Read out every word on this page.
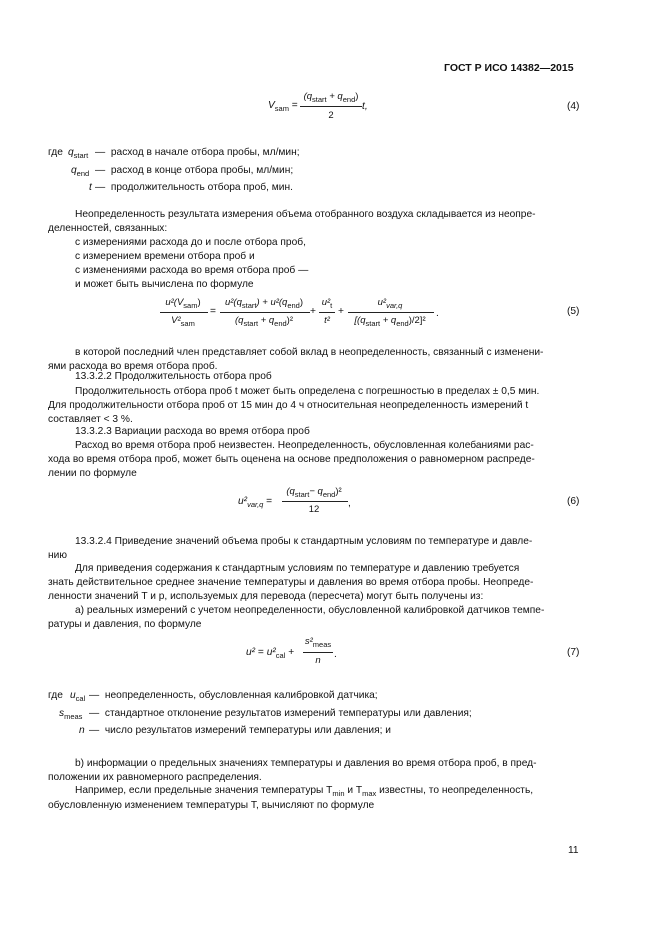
ГОСТ Р ИСО 14382—2015
$V_{sam}$ =
$(q_{start} + q_{end})$
2
t,	(4)
где $q_{start}$ — расход в начале отбора пробы, мл/мин;
$q_{end}$ — расход в конце отбора пробы, мл/мин;
t — продолжительность отбора проб, мин.
Неопределенность результата измерения объема отобранного воздуха складывается из неопре-
деленностей, связанных:
с измерениями расхода до и после отбора проб,
с измерением времени отбора проб и
с изменениями расхода во время отбора проб —
и может быть вычислена по формуле
$u^2(V_{sam})$
$V^2_{sam}$
=
$u^2(q_{start}) + u^2(q_{end})$
$(q_{start} + q_{end})^2$
+
$u^2_t$
t²
+
$u^2_{var,q}$
$[(q_{start} + q_{end})/2]^2$
.	(5)
в которой последний член представляет собой вклад в неопределенность, связанный с изменени-
ями расхода во время отбора проб.
13.3.2.2 Продолжительность отбора проб
Продолжительность отбора проб t может быть определена с погрешностью в пределах ± 0,5 мин.
Для продолжительности отбора проб от 15 мин до 4 ч относительная неопределенность измерений t
составляет < 3 %.
13.3.2.3 Вариации расхода во время отбора проб
Расход во время отбора проб неизвестен. Неопределенность, обусловленная колебаниями рас-
хода во время отбора проб, может быть оценена на основе предположения о равномерном распреде-
лении по формуле
$u^2_{var,q}$ =
$(q_{start}- q_{end})^2$
12
,	(6)
13.3.2.4 Приведение значений объема пробы к стандартным условиям по температуре и давле-
нию
Для приведения содержания к стандартным условиям по температуре и давлению требуется
знать действительное среднее значение температуры и давления во время отбора пробы. Неопреде-
ленности значений T и p, используемых для перевода (пересчета) могут быть получены из:
а) реальных измерений с учетом неопределенности, обусловленной калибровкой датчиков темпе-
ратуры и давления, по формуле
$u^2 = u^2_{cal}$ +
$s^2_{meas}$
n
.	(7)
где $u_{cal}$ — неопределенность, обусловленная калибровкой датчика;
$s_{meas}$ — стандартное отклонение результатов измерений температуры или давления;
n — число результатов измерений температуры или давления; и
b) информации о предельных значениях температуры и давления во время отбора проб, в пред-
положении их равномерного распределения.
Например, если предельные значения температуры $T_{min}$ и $T_{max}$ известны, то неопределенность,
обусловленную изменением температуры T, вычисляют по формуле
11
